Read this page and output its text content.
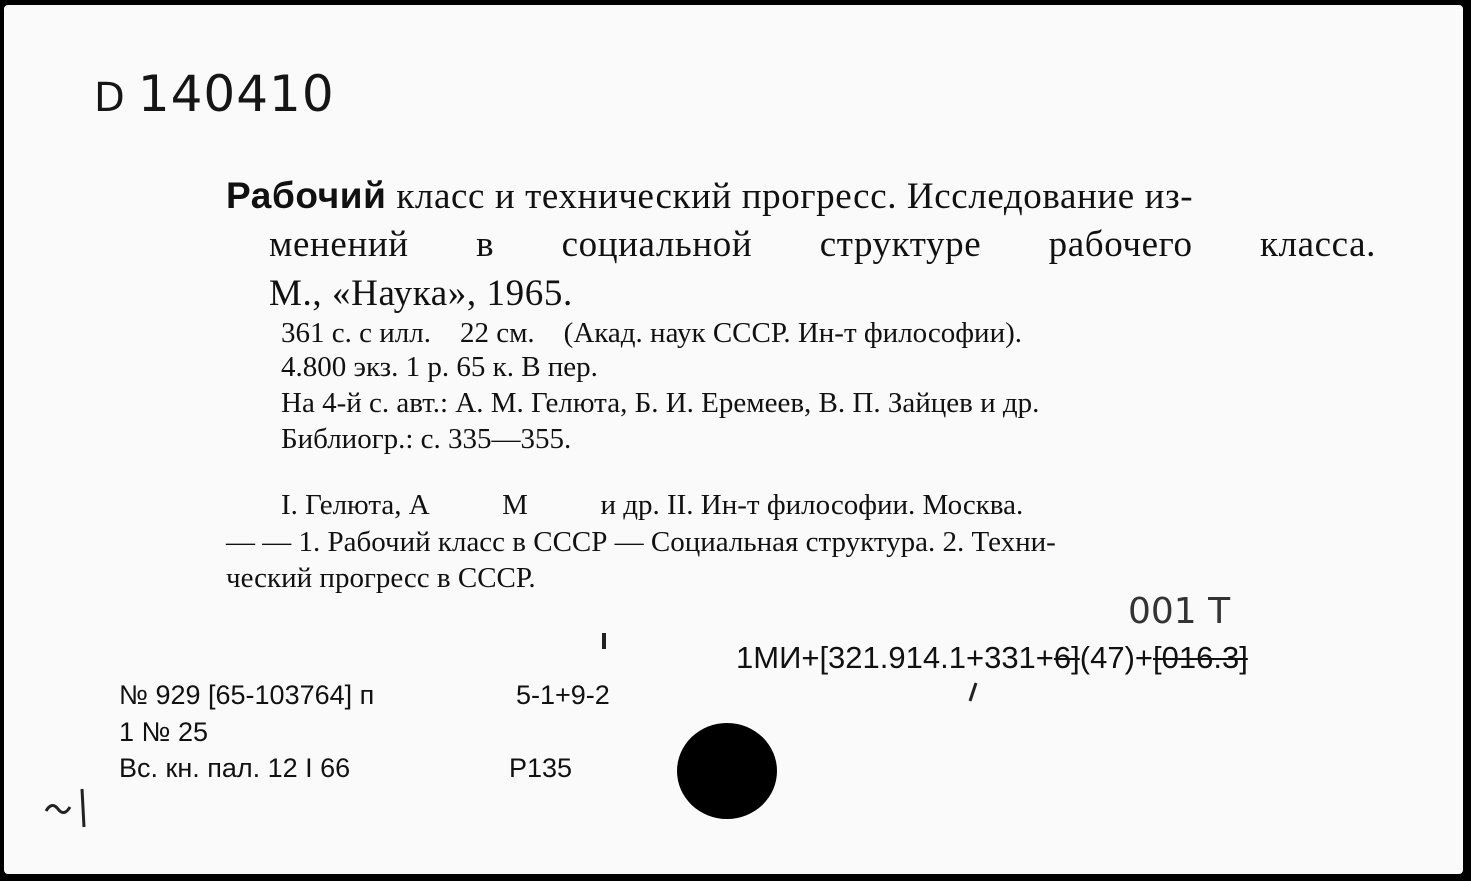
D 140410
Рабочий класс и технический прогресс. Исследование из-
менений в социальной структуре рабочего класса.
М., «Наука», 1965.
361 с. с илл.    22 см.    (Акад. наук СССР. Ин-т философии).
4.800 экз. 1 р. 65 к. В пер.
На 4-й с. авт.: А. М. Гелюта, Б. И. Еремеев, В. П. Зайцев и др.
Библиогр.: с. 335—355.
I. Гелюта, А          М          и др. II. Ин-т философии. Москва.
— — 1. Рабочий класс в СССР — Социальная структура. 2. Техни-
ческий прогресс в СССР.
001 Т
1МИ+[321.914.1+331+6](47)+[016.3]
№ 929 [65-103764] п	5-1+9-2
1 № 25
Вс. кн. пал. 12 I 66	Р135
